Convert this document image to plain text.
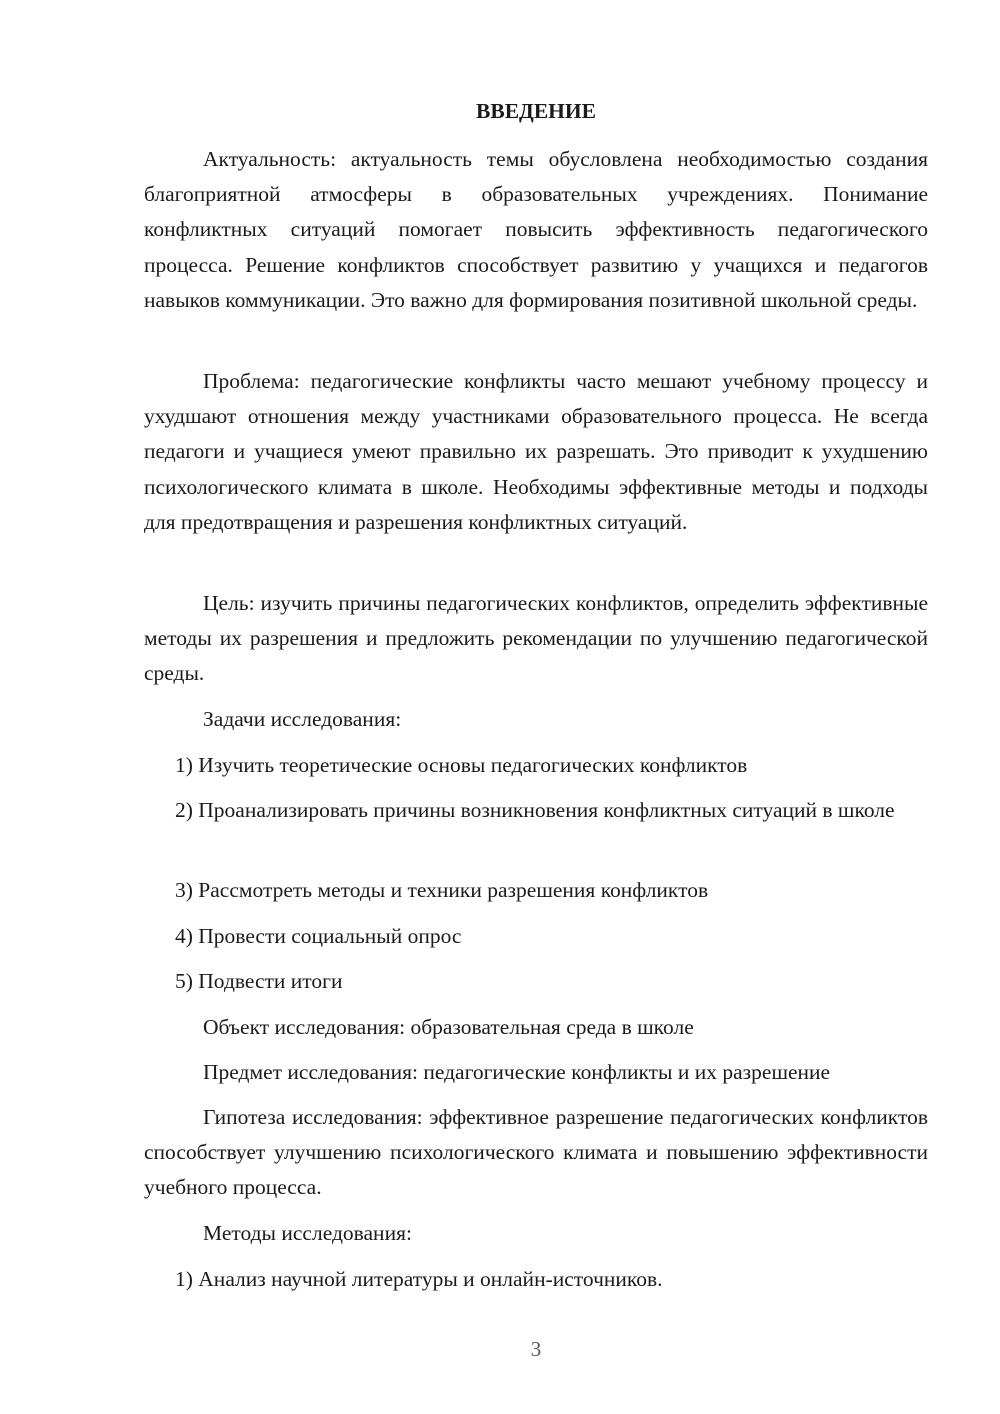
ВВЕДЕНИЕ

Актуальность: актуальность темы обусловлена необходимостью создания благоприятной атмосферы в образовательных учреждениях. Понимание конфликтных ситуаций помогает повысить эффективность педагогического процесса. Решение конфликтов способствует развитию у учащихся и педагогов навыков коммуникации. Это важно для формирования позитивной школьной среды.

Проблема: педагогические конфликты часто мешают учебному процессу и ухудшают отношения между участниками образовательного процесса. Не всегда педагоги и учащиеся умеют правильно их разрешать. Это приводит к ухудшению психологического климата в школе. Необходимы эффективные методы и подходы для предотвращения и разрешения конфликтных ситуаций.

Цель: изучить причины педагогических конфликтов, определить эффективные методы их разрешения и предложить рекомендации по улучшению педагогической среды.

Задачи исследования:

1) Изучить теоретические основы педагогических конфликтов

2) Проанализировать причины возникновения конфликтных ситуаций в школе

3) Рассмотреть методы и техники разрешения конфликтов

4) Провести социальный опрос

5) Подвести итоги

Объект исследования: образовательная среда в школе

Предмет исследования: педагогические конфликты и их разрешение

Гипотеза исследования: эффективное разрешение педагогических конфликтов способствует улучшению психологического климата и повышению эффективности учебного процесса.

Методы исследования:

1) Анализ научной литературы и онлайн-источников.

3
